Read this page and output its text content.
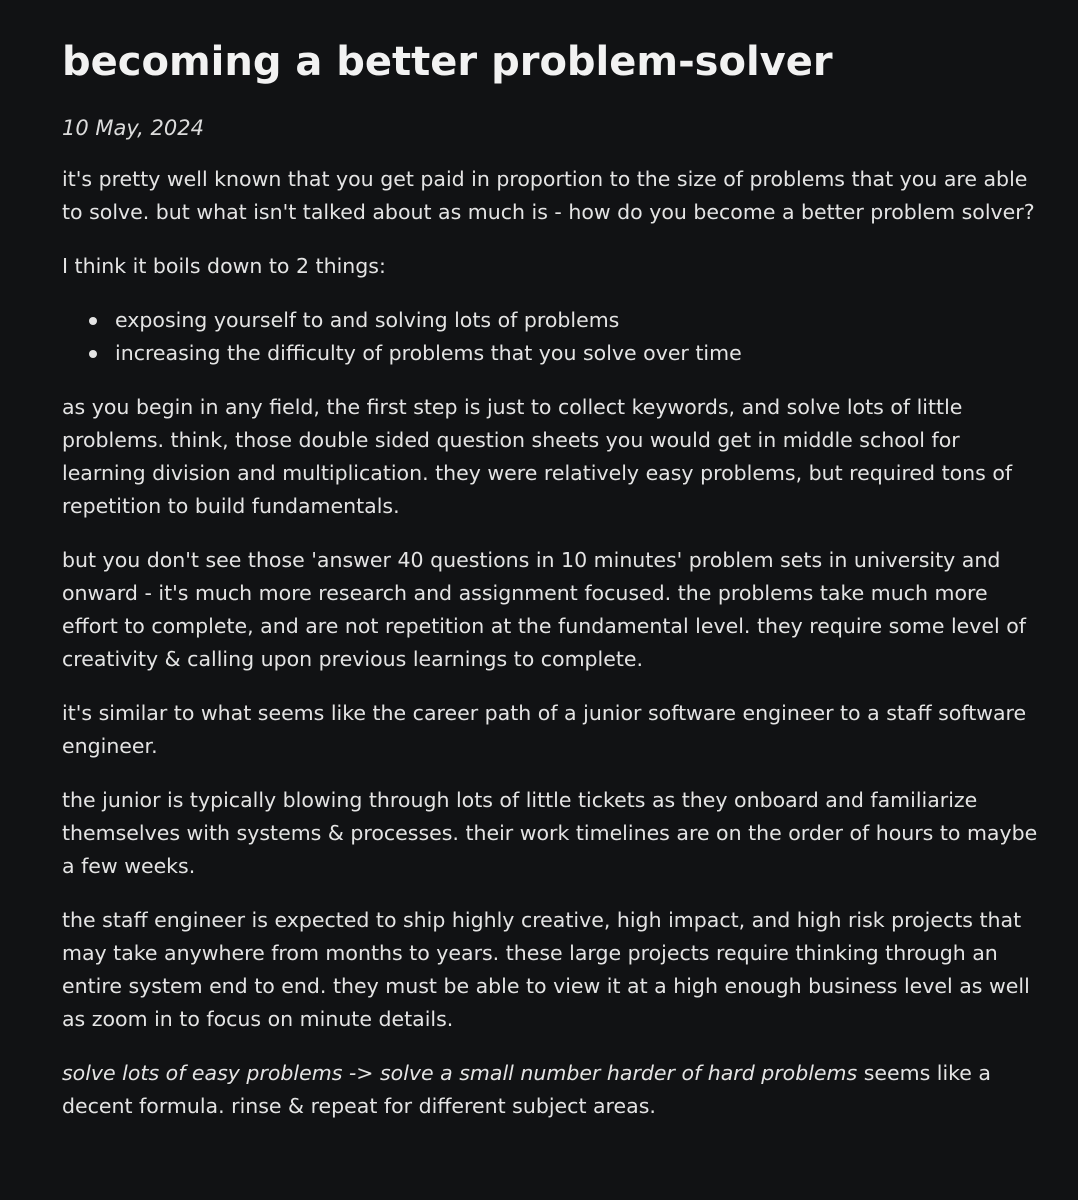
becoming a better problem-solver
10 May, 2024

it's pretty well known that you get paid in proportion to the size of problems that you are able to solve. but what isn't talked about as much is - how do you become a better problem solver?

I think it boils down to 2 things:

exposing yourself to and solving lots of problems
increasing the difficulty of problems that you solve over time

as you begin in any field, the first step is just to collect keywords, and solve lots of little problems. think, those double sided question sheets you would get in middle school for learning division and multiplication. they were relatively easy problems, but required tons of repetition to build fundamentals.

but you don't see those 'answer 40 questions in 10 minutes' problem sets in university and onward - it's much more research and assignment focused. the problems take much more effort to complete, and are not repetition at the fundamental level. they require some level of creativity & calling upon previous learnings to complete.

it's similar to what seems like the career path of a junior software engineer to a staff software engineer.

the junior is typically blowing through lots of little tickets as they onboard and familiarize themselves with systems & processes. their work timelines are on the order of hours to maybe a few weeks.

the staff engineer is expected to ship highly creative, high impact, and high risk projects that may take anywhere from months to years. these large projects require thinking through an entire system end to end. they must be able to view it at a high enough business level as well as zoom in to focus on minute details.

solve lots of easy problems -> solve a small number harder of hard problems seems like a decent formula. rinse & repeat for different subject areas.
